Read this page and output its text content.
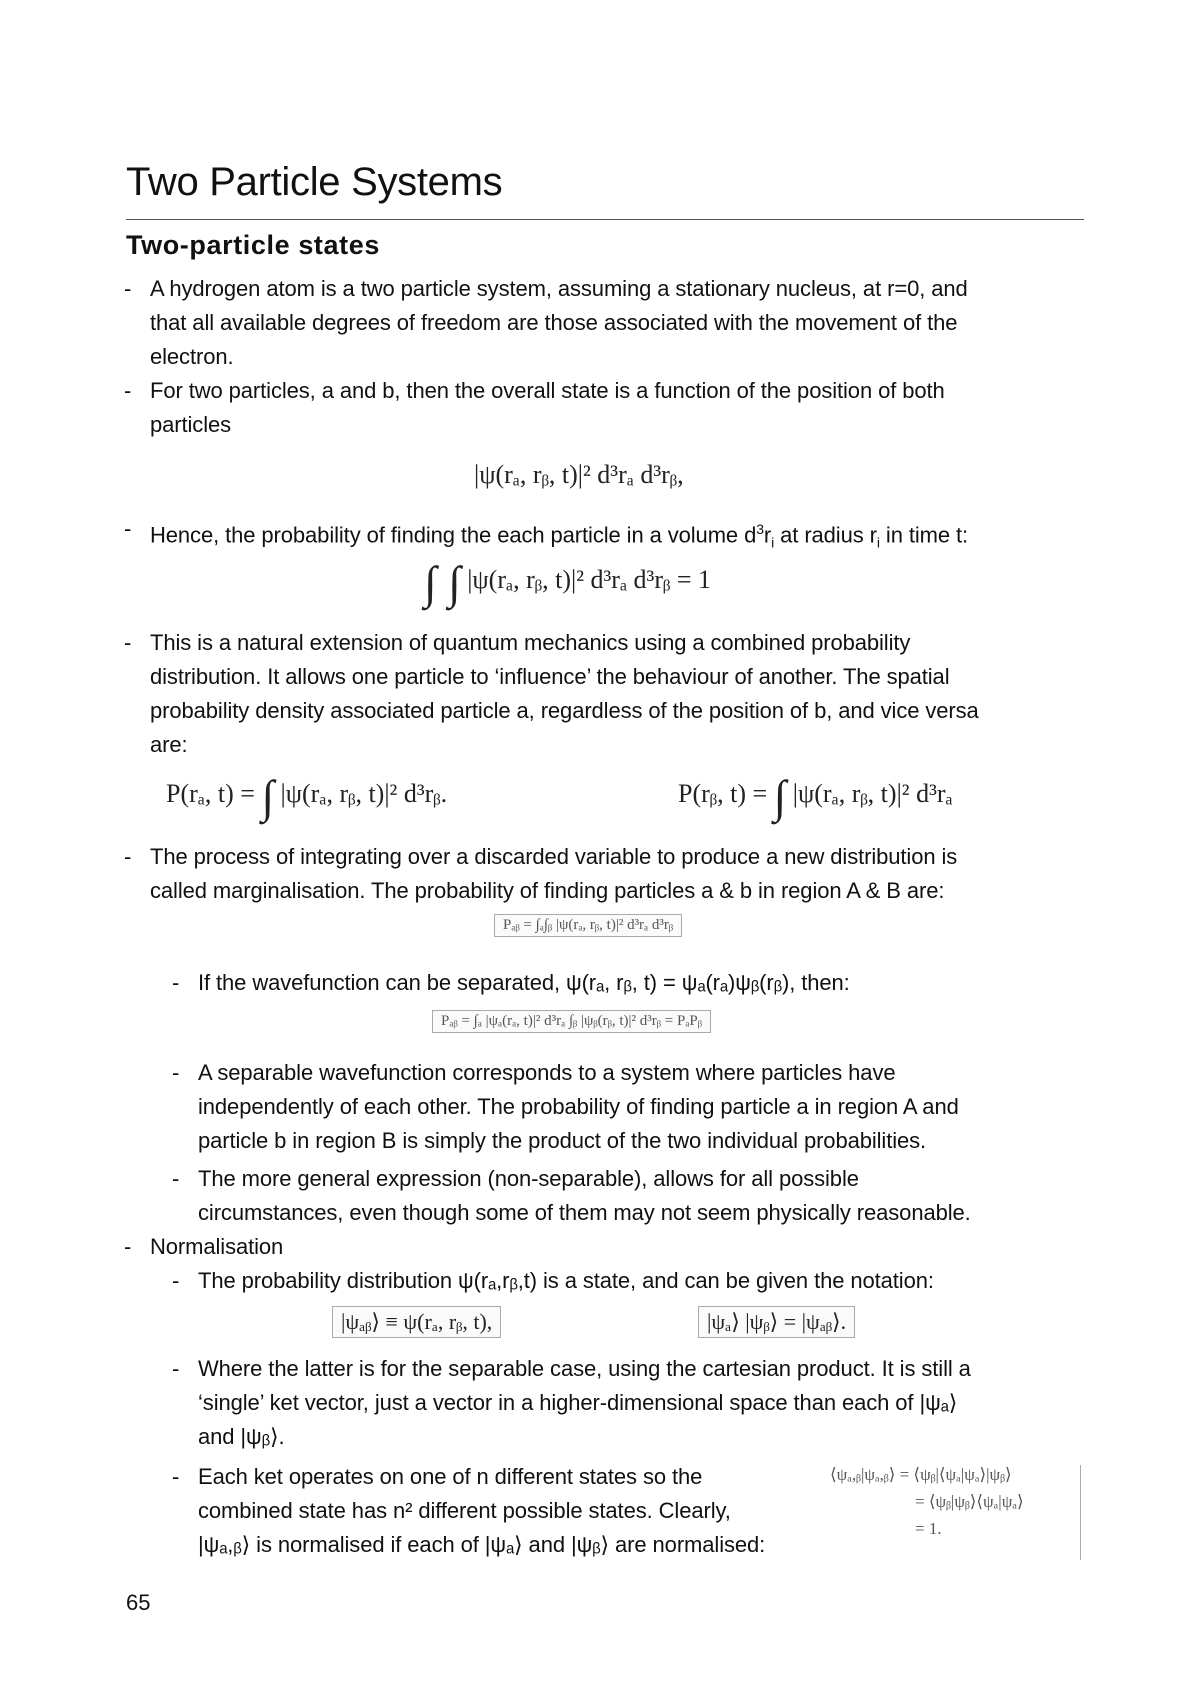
Two Particle Systems
Two-particle states
- A hydrogen atom is a two particle system, assuming a stationary nucleus, at r=0, and
that all available degrees of freedom are those associated with the movement of the
electron.
- For two particles, a and b, then the overall state is a function of the position of both
particles
|ψ(rₐ, rᵦ, t)|² d³rₐ d³rᵦ,
- Hence, the probability of finding the each particle in a volume $d^3r_i$ at radius $r_i$ in time t:
∫ ∫ |ψ(rₐ, rᵦ, t)|² d³rₐ d³rᵦ = 1
- This is a natural extension of quantum mechanics using a combined probability
distribution. It allows one particle to ‘influence’ the behaviour of another. The spatial
probability density associated particle a, regardless of the position of b, and vice versa
are:
P(rₐ, t) = ∫ |ψ(rₐ, rᵦ, t)|² d³rᵦ.	P(rᵦ, t) = ∫ |ψ(rₐ, rᵦ, t)|² d³rₐ
- The process of integrating over a discarded variable to produce a new distribution is
called marginalisation. The probability of finding particles a & b in region A & B are:
Pₐᵦ = ∫ₐ∫ᵦ |ψ(rₐ, rᵦ, t)|² d³rₐ d³rᵦ
- If the wavefunction can be separated, ψ(rₐ, rᵦ, t) = ψₐ(rₐ)ψᵦ(rᵦ), then:
Pₐᵦ = ∫ₐ |ψₐ(rₐ, t)|² d³rₐ ∫ᵦ |ψᵦ(rᵦ, t)|² d³rᵦ = PₐPᵦ
- A separable wavefunction corresponds to a system where particles have
independently of each other. The probability of finding particle a in region A and
particle b in region B is simply the product of the two individual probabilities.
- The more general expression (non-separable), allows for all possible
circumstances, even though some of them may not seem physically reasonable.
- Normalisation
- The probability distribution ψ(rₐ,rᵦ,t) is a state, and can be given the notation:
|ψₐᵦ⟩ ≡ ψ(rₐ, rᵦ, t),	|ψₐ⟩ |ψᵦ⟩ = |ψₐᵦ⟩.
- Where the latter is for the separable case, using the cartesian product. It is still a
‘single’ ket vector, just a vector in a higher-dimensional space than each of |ψₐ⟩
and |ψᵦ⟩.
- Each ket operates on one of n different states so the
combined state has n² different possible states. Clearly,
|ψₐ,ᵦ⟩ is normalised if each of |ψₐ⟩ and |ψᵦ⟩ are normalised:
⟨ψₐ,ᵦ|ψₐ,ᵦ⟩ = ⟨ψᵦ|⟨ψₐ|ψₐ⟩|ψᵦ⟩
= ⟨ψᵦ|ψᵦ⟩⟨ψₐ|ψₐ⟩
= 1.
65
